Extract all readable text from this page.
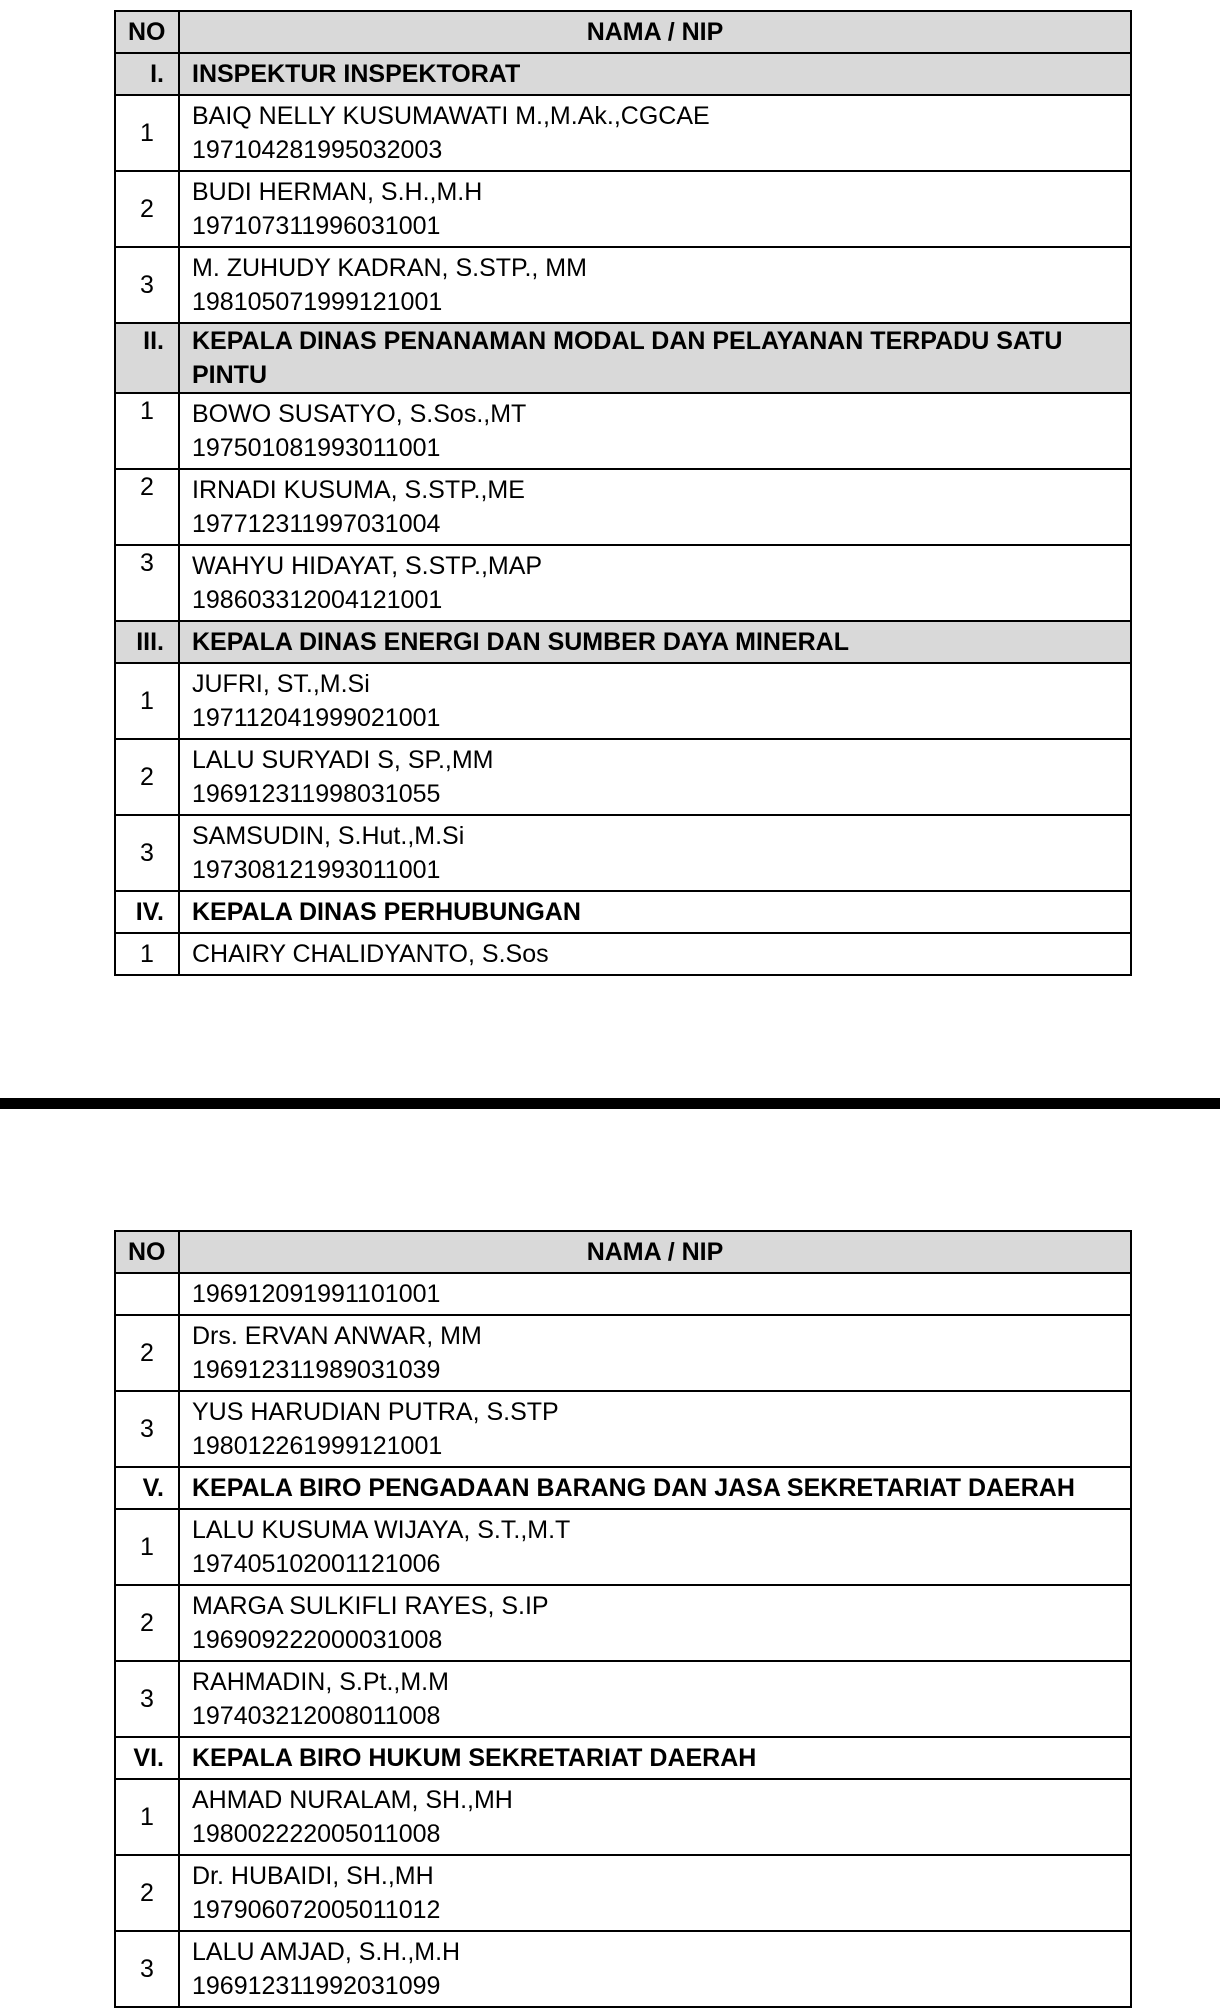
NO	NAMA / NIP
I.	INSPEKTUR INSPEKTORAT
1	BAIQ NELLY KUSUMAWATI M.,M.Ak.,CGCAE
197104281995032003

2	BUDI HERMAN, S.H.,M.H
197107311996031001

3	M. ZUHUDY KADRAN, S.STP., MM
198105071999121001

II.	KEPALA DINAS PENANAMAN MODAL DAN PELAYANAN TERPADU SATU PINTU
1	BOWO SUSATYO, S.Sos.,MT
197501081993011001

2	IRNADI KUSUMA, S.STP.,ME
197712311997031004

3	WAHYU HIDAYAT, S.STP.,MAP
198603312004121001

III.	KEPALA DINAS ENERGI DAN SUMBER DAYA MINERAL
1	JUFRI, ST.,M.Si
197112041999021001

2	LALU SURYADI S, SP.,MM
196912311998031055

3	SAMSUDIN, S.Hut.,M.Si
197308121993011001

IV.	KEPALA DINAS PERHUBUNGAN
1	CHAIRY CHALIDYANTO, S.Sos
NO	NAMA / NIP

	196912091991101001

2	Drs. ERVAN ANWAR, MM
196912311989031039

3	YUS HARUDIAN PUTRA, S.STP
198012261999121001

V.	KEPALA BIRO PENGADAAN BARANG DAN JASA SEKRETARIAT DAERAH
1	LALU KUSUMA WIJAYA, S.T.,M.T
197405102001121006

2	MARGA SULKIFLI RAYES, S.IP
196909222000031008

3	RAHMADIN, S.Pt.,M.M
197403212008011008

VI.	KEPALA BIRO HUKUM SEKRETARIAT DAERAH
1	AHMAD NURALAM, SH.,MH
198002222005011008

2	Dr. HUBAIDI, SH.,MH
197906072005011012

3	LALU AMJAD, S.H.,M.H
196912311992031099
